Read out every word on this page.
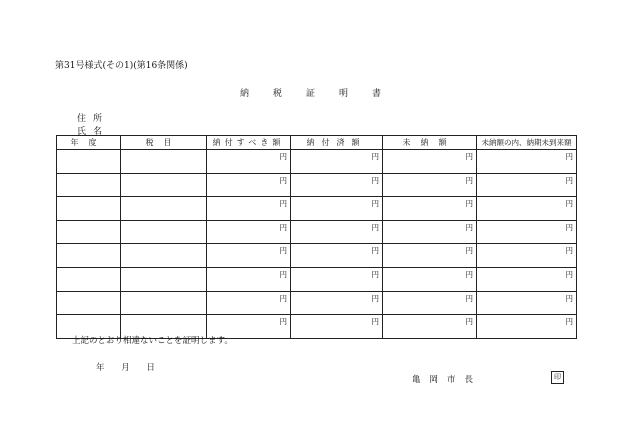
第31号様式(その1)(第16条関係)
納税証明書
住所
氏名
年度	税目	納付すべき額	納付済額	未納額	未納額の内、納期未到来額
		円	円	円	円
		円	円	円	円
		円	円	円	円
		円	円	円	円
		円	円	円	円
		円	円	円	円
		円	円	円	円
		円	円	円	円
上記のとおり相違ないことを証明します。
年 月 日
亀岡市長	印
